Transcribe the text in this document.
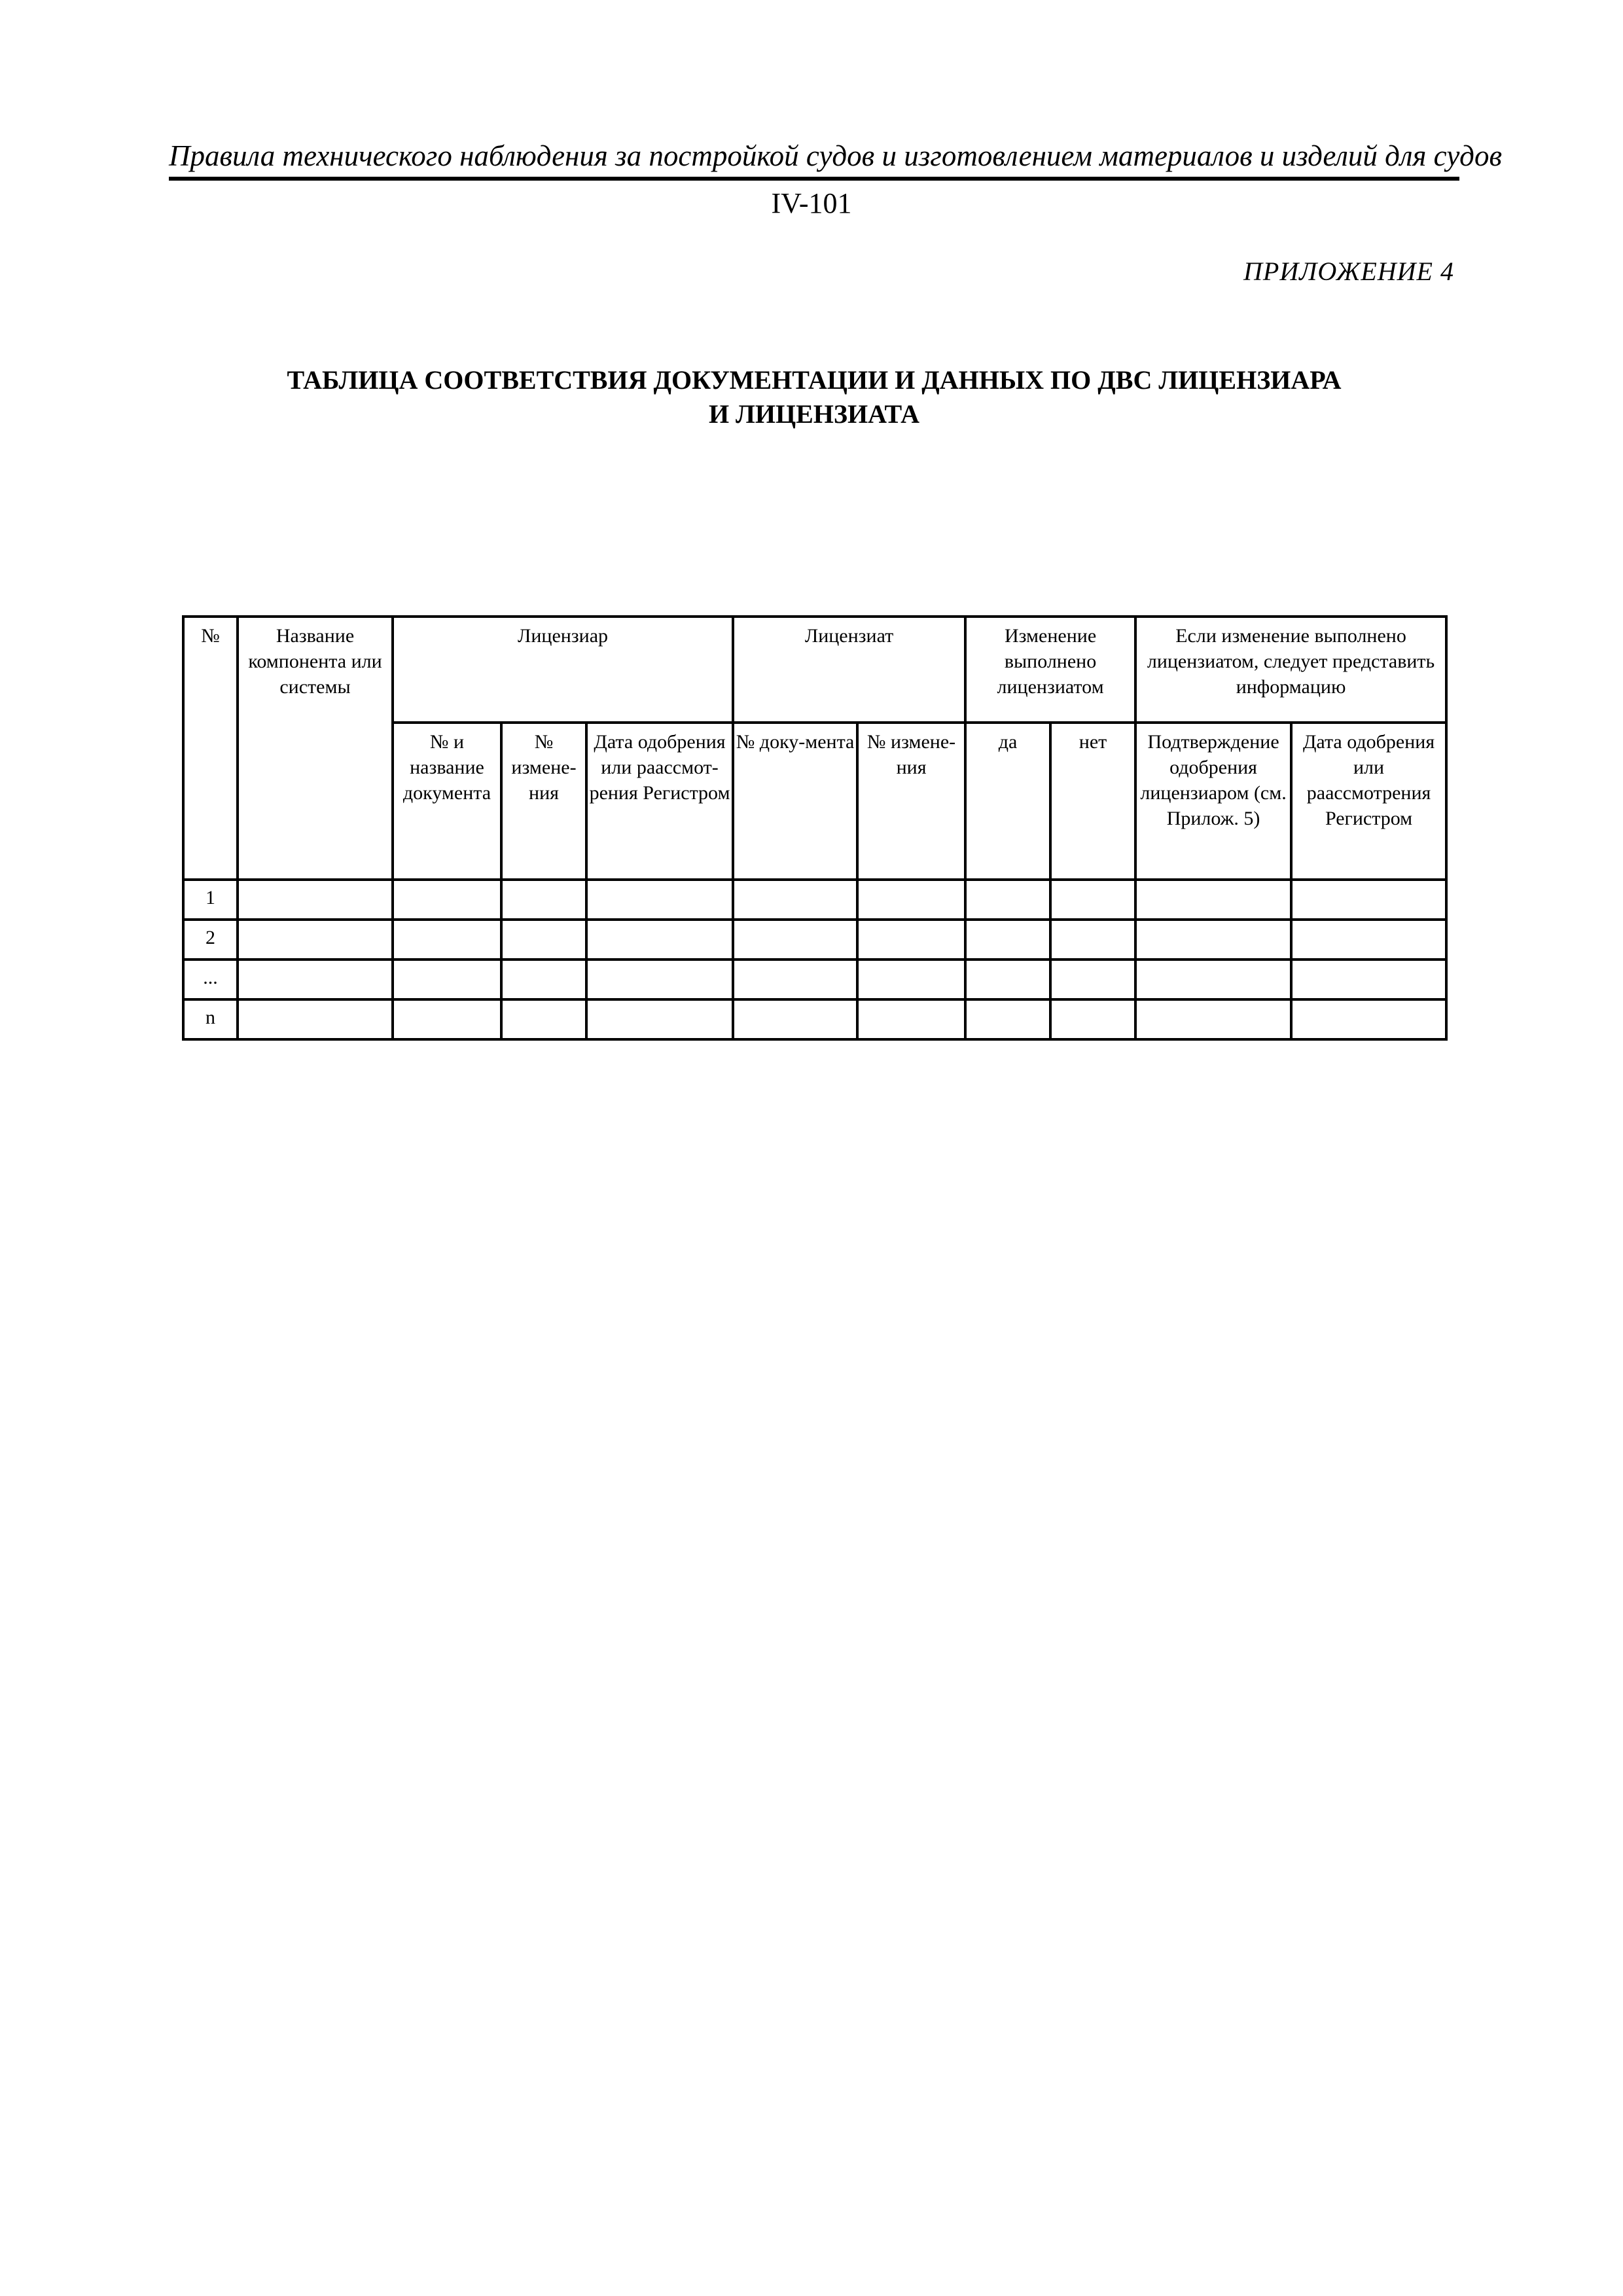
Правила технического наблюдения за постройкой судов и изготовлением материалов и изделий для судов
IV-101
ПРИЛОЖЕНИЕ 4
ТАБЛИЦА СООТВЕТСТВИЯ ДОКУМЕНТАЦИИ И ДАННЫХ ПО ДВС ЛИЦЕНЗИАРА
И ЛИЦЕНЗИАТА
№	Название компонента или системы	Лицензиар			Лицензиат		Изменение выполнено лицензиатом		Если изменение выполнено лицензиатом, следует представить информацию	
		№ и название документа	№ измене-ния	Дата одобрения или раассмот-рения Регистром	№ доку-мента	№ измене-ния	да	нет	Подтверждение одобрения лицензиаром (см. Прилож. 5)	Дата одобрения или раассмотрения Регистром
1										
2										
...										
n										
